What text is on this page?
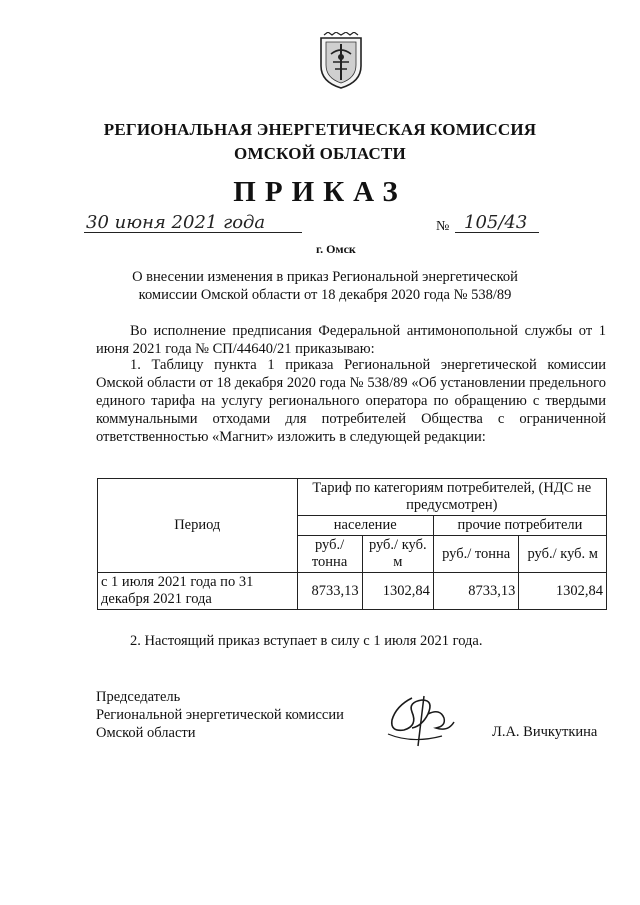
РЕГИОНАЛЬНАЯ ЭНЕРГЕТИЧЕСКАЯ КОМИССИЯ
ОМСКОЙ ОБЛАСТИ
ПРИКАЗ
30 июня 2021 года	№ 105/43
г. Омск
О внесении изменения в приказ Региональной энергетической
комиссии Омской области от 18 декабря 2020 года № 538/89
Во исполнение предписания Федеральной антимонопольной службы от 1 июня 2021 года № СП/44640/21 приказываю:
1. Таблицу пункта 1 приказа Региональной энергетической комиссии Омской области от 18 декабря 2020 года № 538/89 «Об установлении предельного единого тарифа на услугу регионального оператора по обращению с твердыми коммунальными отходами для потребителей Общества с ограниченной ответственностью «Магнит» изложить в следующей редакции:
Период	Тариф по категориям потребителей, (НДС не предусмотрен)			
	население		прочие потребители	
	руб./ тонна	руб./ куб. м	руб./ тонна	руб./ куб. м
с 1 июля 2021 года по 31 декабря 2021 года	8733,13	1302,84	8733,13	1302,84
2. Настоящий приказ вступает в силу с 1 июля 2021 года.
Председатель
Региональной энергетической комиссии
Омской области	Л.А. Вичкуткина
